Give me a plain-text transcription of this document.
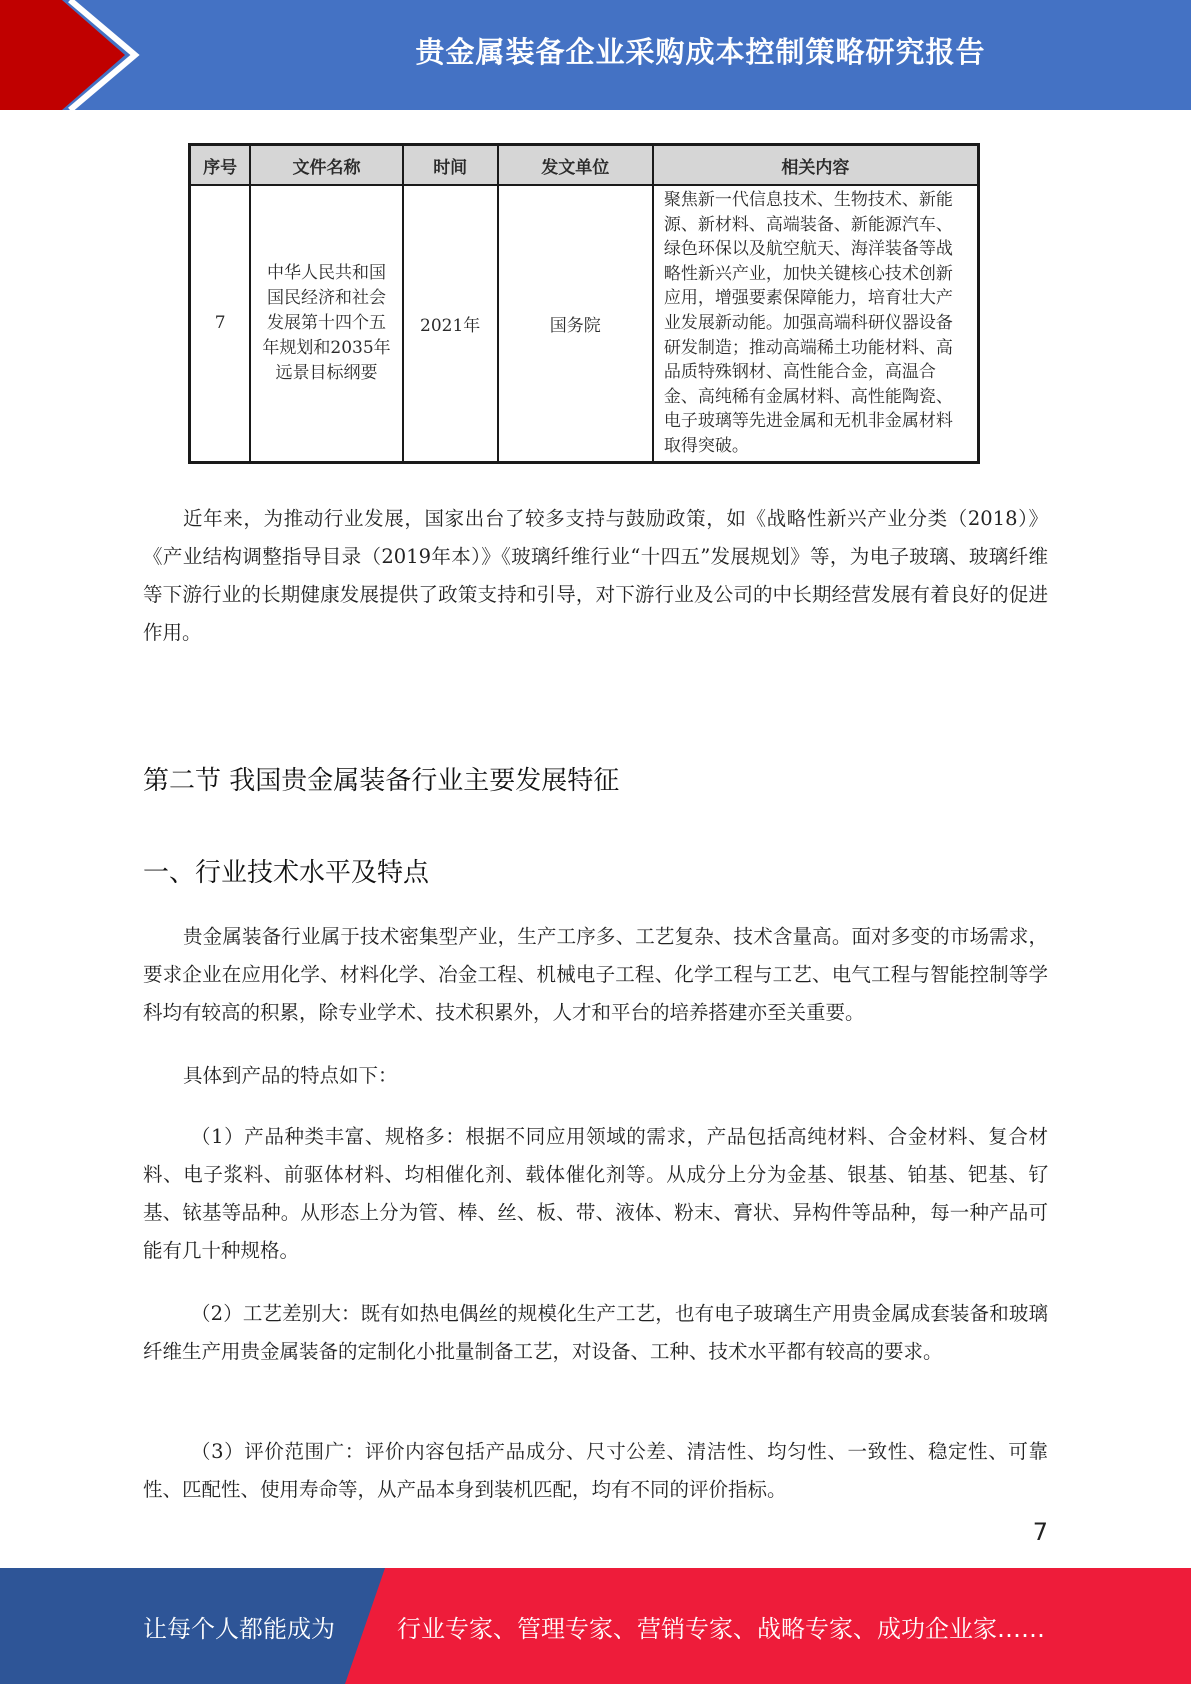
贵金属装备企业采购成本控制策略研究报告
序号	文件名称	时间	发文单位	相关内容
7	中华人民共和国国民经济和社会发展第十四个五年规划和2035年远景目标纲要	2021年	国务院	聚焦新一代信息技术、生物技术、新能源、新材料、高端装备、新能源汽车、绿色环保以及航空航天、海洋装备等战略性新兴产业，加快关键核心技术创新应用，增强要素保障能力，培育壮大产业发展新动能。加强高端科研仪器设备研发制造；推动高端稀土功能材料、高品质特殊钢材、高性能合金，高温合金、高纯稀有金属材料、高性能陶瓷、电子玻璃等先进金属和无机非金属材料取得突破。

近年来，为推动行业发展，国家出台了较多支持与鼓励政策，如《战略性新兴产业分类（2018）》《产业结构调整指导目录（2019年本）》《玻璃纤维行业“十四五”发展规划》等，为电子玻璃、玻璃纤维等下游行业的长期健康发展提供了政策支持和引导，对下游行业及公司的中长期经营发展有着良好的促进作用。

第二节 我国贵金属装备行业主要发展特征
一、行业技术水平及特点

贵金属装备行业属于技术密集型产业，生产工序多、工艺复杂、技术含量高。面对多变的市场需求，要求企业在应用化学、材料化学、冶金工程、机械电子工程、化学工程与工艺、电气工程与智能控制等学科均有较高的积累，除专业学术、技术积累外，人才和平台的培养搭建亦至关重要。

具体到产品的特点如下：

（1）产品种类丰富、规格多：根据不同应用领域的需求，产品包括高纯材料、合金材料、复合材料、电子浆料、前驱体材料、均相催化剂、载体催化剂等。从成分上分为金基、银基、铂基、钯基、钌基、铱基等品种。从形态上分为管、棒、丝、板、带、液体、粉末、膏状、异构件等品种，每一种产品可能有几十种规格。

（2）工艺差别大：既有如热电偶丝的规模化生产工艺，也有电子玻璃生产用贵金属成套装备和玻璃纤维生产用贵金属装备的定制化小批量制备工艺，对设备、工种、技术水平都有较高的要求。

（3）评价范围广：评价内容包括产品成分、尺寸公差、清洁性、均匀性、一致性、稳定性、可靠性、匹配性、使用寿命等，从产品本身到装机匹配，均有不同的评价指标。

7
让每个人都能成为	行业专家、管理专家、营销专家、战略专家、成功企业家……
